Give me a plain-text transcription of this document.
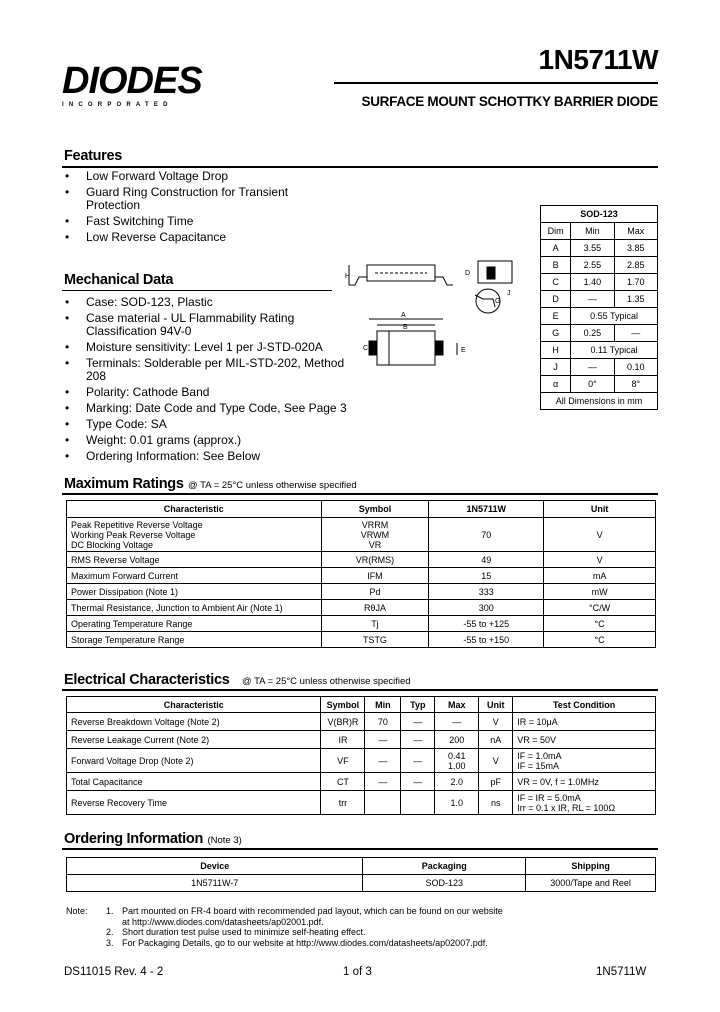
DIODES
INCORPORATED
1N5711W
SURFACE MOUNT SCHOTTKY BARRIER DIODE
Features
• Low Forward Voltage Drop
• Guard Ring Construction for Transient Protection
• Fast Switching Time
• Low Reverse Capacitance
SOD-123		
Dim	Min	Max
A	3.55	3.85
B	2.55	2.85
C	1.40	1.70
D	—	1.35
E	0.55 Typical	
G	0.25	—
H	0.11 Typical	
J	—	0.10
α	0°	8°
All Dimensions in mm		
Mechanical Data
• Case: SOD-123, Plastic
• Case material - UL Flammability Rating Classification 94V-0
• Moisture sensitivity: Level 1 per J-STD-020A
• Terminals: Solderable per MIL-STD-202, Method 208
• Polarity: Cathode Band
• Marking: Date Code and Type Code, See Page 3
• Type Code: SA
• Weight: 0.01 grams (approx.)
• Ordering Information: See Below
H
A
B
C	E
D
G
J
Maximum Ratings @ TA = 25°C unless otherwise specified
Characteristic	Symbol	1N5711W	Unit
Peak Repetitive Reverse Voltage
Working Peak Reverse Voltage
DC Blocking Voltage	VRRM
VRWM
VR	70	V
RMS Reverse Voltage	VR(RMS)	49	V
Maximum Forward Current	IFM	15	mA
Power Dissipation (Note 1)	Pd	333	mW
Thermal Resistance, Junction to Ambient Air (Note 1)	RθJA	300	°C/W
Operating Temperature Range	Tj	-55 to +125	°C
Storage Temperature Range	TSTG	-55 to +150	°C
Electrical Characteristics @ TA = 25°C unless otherwise specified
Characteristic	Symbol	Min	Typ	Max	Unit	Test Condition
Reverse Breakdown Voltage (Note 2)	V(BR)R	70	—	—	V	IR = 10μA
Reverse Leakage Current (Note 2)	IR	—	—	200	nA	VR = 50V
Forward Voltage Drop (Note 2)	VF	—	—	0.41
1.00	V	IF = 1.0mA
IF = 15mA
Total Capacitance	CT	—	—	2.0	pF	VR = 0V, f = 1.0MHz
Reverse Recovery Time	trr			1.0	ns	IF = IR = 5.0mA
Irr = 0.1 x IR, RL = 100Ω
Ordering Information (Note 3)
Device	Packaging	Shipping
1N5711W-7	SOD-123	3000/Tape and Reel
Note: 1. Part mounted on FR-4 board with recommended pad layout, which can be found on our website
at http://www.diodes.com/datasheets/ap02001.pdf.
2. Short duration test pulse used to minimize self-heating effect.
3. For Packaging Details, go to our website at http://www.diodes.com/datasheets/ap02007.pdf.
DS11015 Rev. 4 - 2	1 of 3	1N5711W
